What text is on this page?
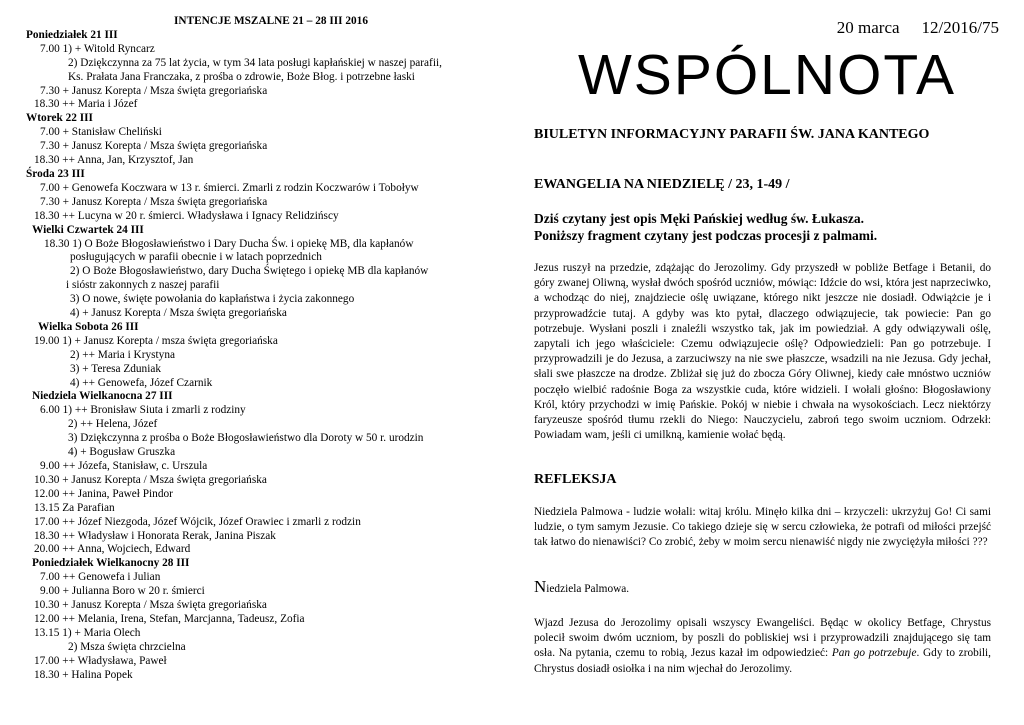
INTENCJE MSZALNE 21 – 28 III 2016
Poniedziałek 21 III
7.00 1) + Witold Ryncarz
2) Dziękczynna za 75 lat życia, w tym 34 lata posługi kapłańskiej w naszej parafii,
Ks. Prałata Jana Franczaka, z prośba o zdrowie, Boże Błog. i potrzebne łaski
7.30 + Janusz Korepta / Msza święta gregoriańska
18.30 ++ Maria i Józef
Wtorek 22 III
7.00 + Stanisław Cheliński
7.30 + Janusz Korepta / Msza święta gregoriańska
18.30 ++ Anna, Jan, Krzysztof, Jan
Środa 23 III
7.00 + Genowefa Koczwara w 13 r. śmierci. Zmarli z rodzin Koczwarów i Toboływ
7.30 + Janusz Korepta / Msza święta gregoriańska
18.30 ++ Lucyna w 20 r. śmierci. Władysława i Ignacy Relidzińscy
Wielki Czwartek 24 III
18.30 1) O Boże Błogosławieństwo i Dary Ducha Św. i opiekę MB, dla kapłanów
posługujących w parafii obecnie i w latach poprzednich
2) O Boże Błogosławieństwo, dary Ducha Świętego i opiekę MB dla kapłanów
i sióstr zakonnych z naszej parafii
3) O nowe, święte powołania do kapłaństwa i życia zakonnego
4) + Janusz Korepta / Msza święta gregoriańska
Wielka Sobota 26 III
19.00 1) + Janusz Korepta / msza święta gregoriańska
2) ++ Maria i Krystyna
3) + Teresa Zduniak
4) ++ Genowefa, Józef Czarnik
Niedziela Wielkanocna 27 III
6.00 1) ++ Bronisław Siuta i zmarli z rodziny
2) ++ Helena, Józef
3) Dziękczynna z prośba o Boże Błogosławieństwo dla Doroty w 50 r. urodzin
4) + Bogusław Gruszka
9.00 ++ Józefa, Stanisław, c. Urszula
10.30 + Janusz Korepta / Msza święta gregoriańska
12.00 ++ Janina, Paweł Pindor
13.15 Za Parafian
17.00 ++ Józef Niezgoda, Józef Wójcik, Józef Orawiec i zmarli z rodzin
18.30 ++ Władysław i Honorata Rerak, Janina Piszak
20.00 ++ Anna, Wojciech, Edward
Poniedziałek Wielkanocny 28 III
7.00 ++ Genowefa i Julian
9.00 + Julianna Boro w 20 r. śmierci
10.30 + Janusz Korepta / Msza święta gregoriańska
12.00 ++ Melania, Irena, Stefan, Marcjanna, Tadeusz, Zofia
13.15 1) + Maria Olech
2) Msza święta chrzcielna
17.00 ++ Władysława, Paweł
18.30 + Halina Popek
20 marca 12/2016/75
WSPÓLNOTA
BIULETYN INFORMACYJNY PARAFII ŚW. JANA KANTEGO
EWANGELIA NA NIEDZIELĘ / 23, 1-49 /
Dziś czytany jest opis Męki Pańskiej według św. Łukasza.
Poniższy fragment czytany jest podczas procesji z palmami.
Jezus ruszył na przedzie, zdążając do Jerozolimy. Gdy przyszedł w pobliże Betfage i Betanii, do góry zwanej Oliwną, wysłał dwóch spośród uczniów, mówiąc: Idźcie do wsi, która jest naprzeciwko, a wchodząc do niej, znajdziecie oślę uwiązane, którego nikt jeszcze nie dosiadł. Odwiążcie je i przyprowadźcie tutaj. A gdyby was kto pytał, dlaczego odwiązujecie, tak powiecie: Pan go potrzebuje. Wysłani poszli i znaleźli wszystko tak, jak im powiedział. A gdy odwiązywali oślę, zapytali ich jego właściciele: Czemu odwiązujecie oślę? Odpowiedzieli: Pan go potrzebuje. I przyprowadzili je do Jezusa, a zarzuciwszy na nie swe płaszcze, wsadzili na nie Jezusa. Gdy jechał, słali swe płaszcze na drodze. Zbliżał się już do zbocza Góry Oliwnej, kiedy całe mnóstwo uczniów poczęło wielbić radośnie Boga za wszystkie cuda, które widzieli. I wołali głośno: Błogosławiony Król, który przychodzi w imię Pańskie. Pokój w niebie i chwała na wysokościach. Lecz niektórzy faryzeusze spośród tłumu rzekli do Niego: Nauczycielu, zabroń tego swoim uczniom. Odrzekł: Powiadam wam, jeśli ci umilkną, kamienie wołać będą.
REFLEKSJA
Niedziela Palmowa - ludzie wołali: witaj królu. Minęło kilka dni – krzyczeli: ukrzyżuj Go! Ci sami ludzie, o tym samym Jezusie. Co takiego dzieje się w sercu człowieka, że potrafi od miłości przejść tak łatwo do nienawiści? Co zrobić, żeby w moim sercu nienawiść nigdy nie zwyciężyła miłości ???
Niedziela Palmowa.
Wjazd Jezusa do Jerozolimy opisali wszyscy Ewangeliści. Będąc w okolicy Betfage, Chrystus polecił swoim dwóm uczniom, by poszli do pobliskiej wsi i przyprowadzili znajdującego się tam osła. Na pytania, czemu to robią, Jezus kazał im odpowiedzieć: Pan go potrzebuje. Gdy to zrobili, Chrystus dosiadł osiołka i na nim wjechał do Jerozolimy.
